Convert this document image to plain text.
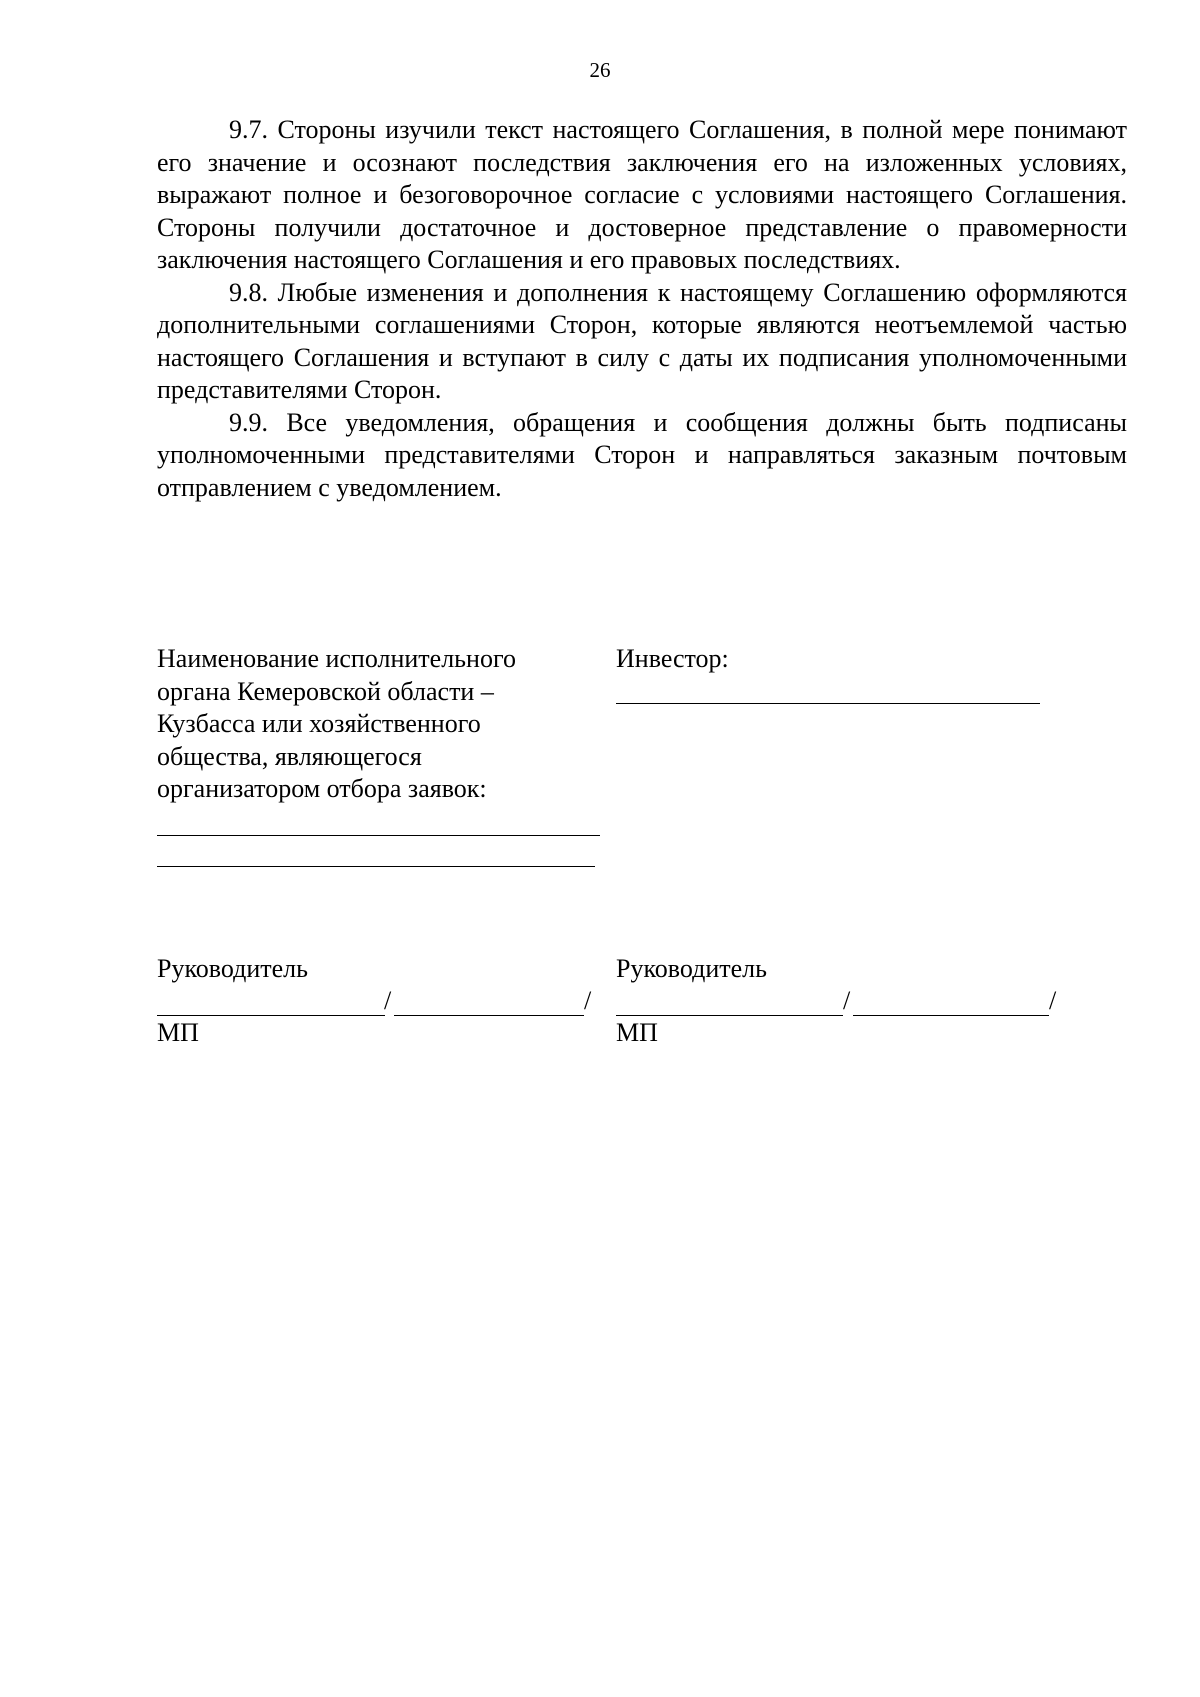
26

9.7. Стороны изучили текст настоящего Соглашения, в полной мере понимают его значение и осознают последствия заключения его на изложенных условиях, выражают полное и безоговорочное согласие с условиями настоящего Соглашения. Стороны получили достаточное и достоверное представление о правомерности заключения настоящего Соглашения и его правовых последствиях.

9.8. Любые изменения и дополнения к настоящему Соглашению оформляются дополнительными соглашениями Сторон, которые являются неотъемлемой частью настоящего Соглашения и вступают в силу с даты их подписания уполномоченными представителями Сторон.

9.9. Все уведомления, обращения и сообщения должны быть подписаны уполномоченными представителями Сторон и направляться заказным почтовым отправлением с уведомлением.

Наименование исполнительного
органа Кемеровской области –
Кузбасса или хозяйственного
общества, являющегося
организатором отбора заявок:
Инвестор:
Руководитель
/	/
МП
Руководитель
/	/
МП
